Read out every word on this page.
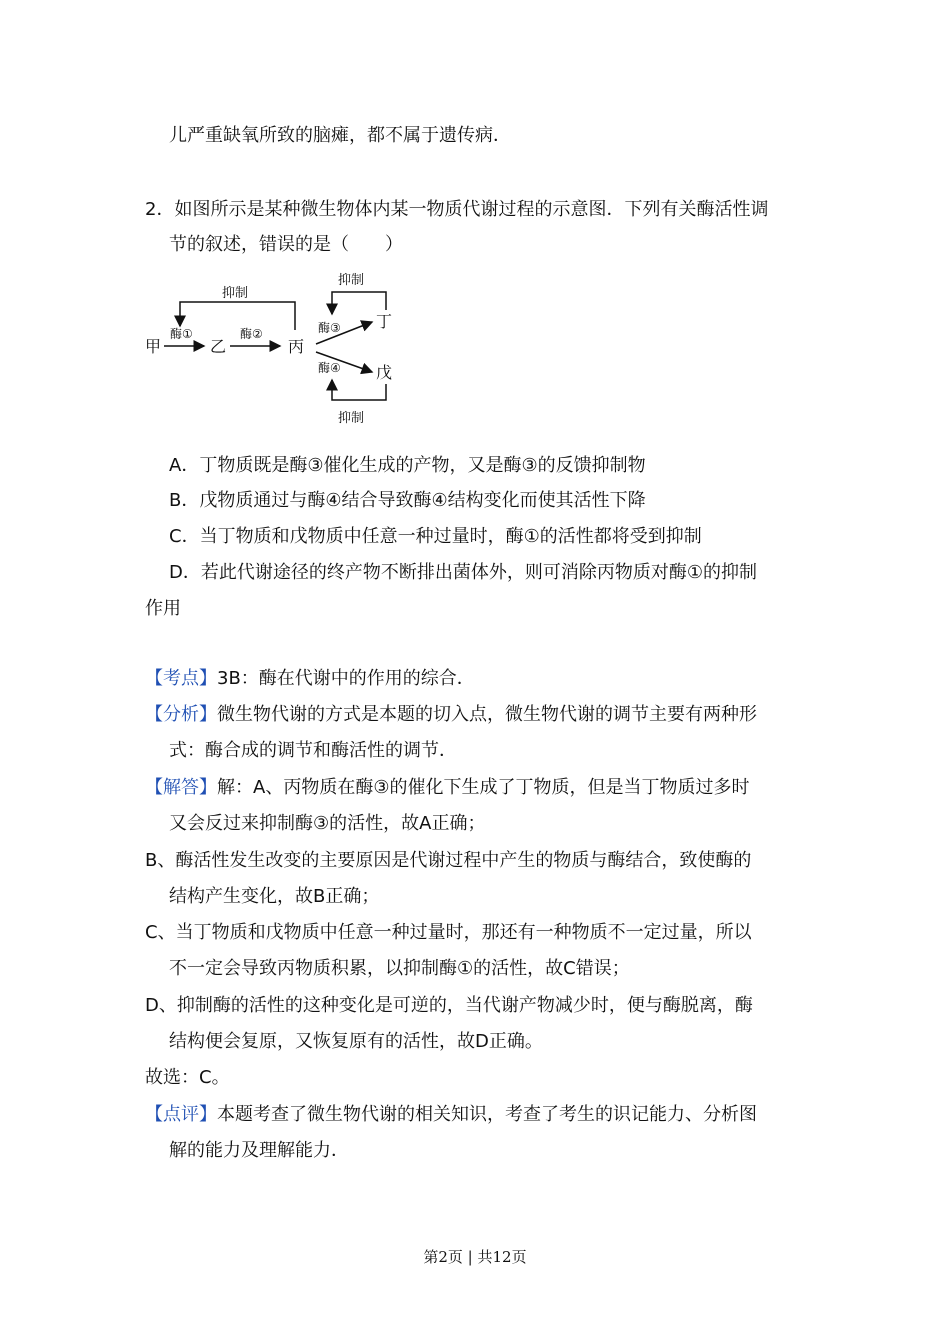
儿严重缺氧所致的脑瘫，都不属于遗传病．
2．如图所示是某种微生物体内某一物质代谢过程的示意图．下列有关酶活性调
节的叙述，错误的是（　　）
甲
酶①
乙
酶②
丙
抑制
酶③
酶④
丁
戊
抑制
抑制
A．丁物质既是酶③催化生成的产物，又是酶③的反馈抑制物
B．戊物质通过与酶④结合导致酶④结构变化而使其活性下降
C．当丁物质和戊物质中任意一种过量时，酶①的活性都将受到抑制
D．若此代谢途径的终产物不断排出菌体外，则可消除丙物质对酶①的抑制
作用
【考点】3B：酶在代谢中的作用的综合．
【分析】微生物代谢的方式是本题的切入点，微生物代谢的调节主要有两种形
式：酶合成的调节和酶活性的调节．
【解答】解：A、丙物质在酶③的催化下生成了丁物质，但是当丁物质过多时
又会反过来抑制酶③的活性，故A正确；
B、酶活性发生改变的主要原因是代谢过程中产生的物质与酶结合，致使酶的
结构产生变化，故B正确；
C、当丁物质和戊物质中任意一种过量时，那还有一种物质不一定过量，所以
不一定会导致丙物质积累，以抑制酶①的活性，故C错误；
D、抑制酶的活性的这种变化是可逆的，当代谢产物减少时，便与酶脱离，酶
结构便会复原，又恢复原有的活性，故D正确。
故选：C。
【点评】本题考查了微生物代谢的相关知识，考查了考生的识记能力、分析图
解的能力及理解能力．
第2页 | 共12页
